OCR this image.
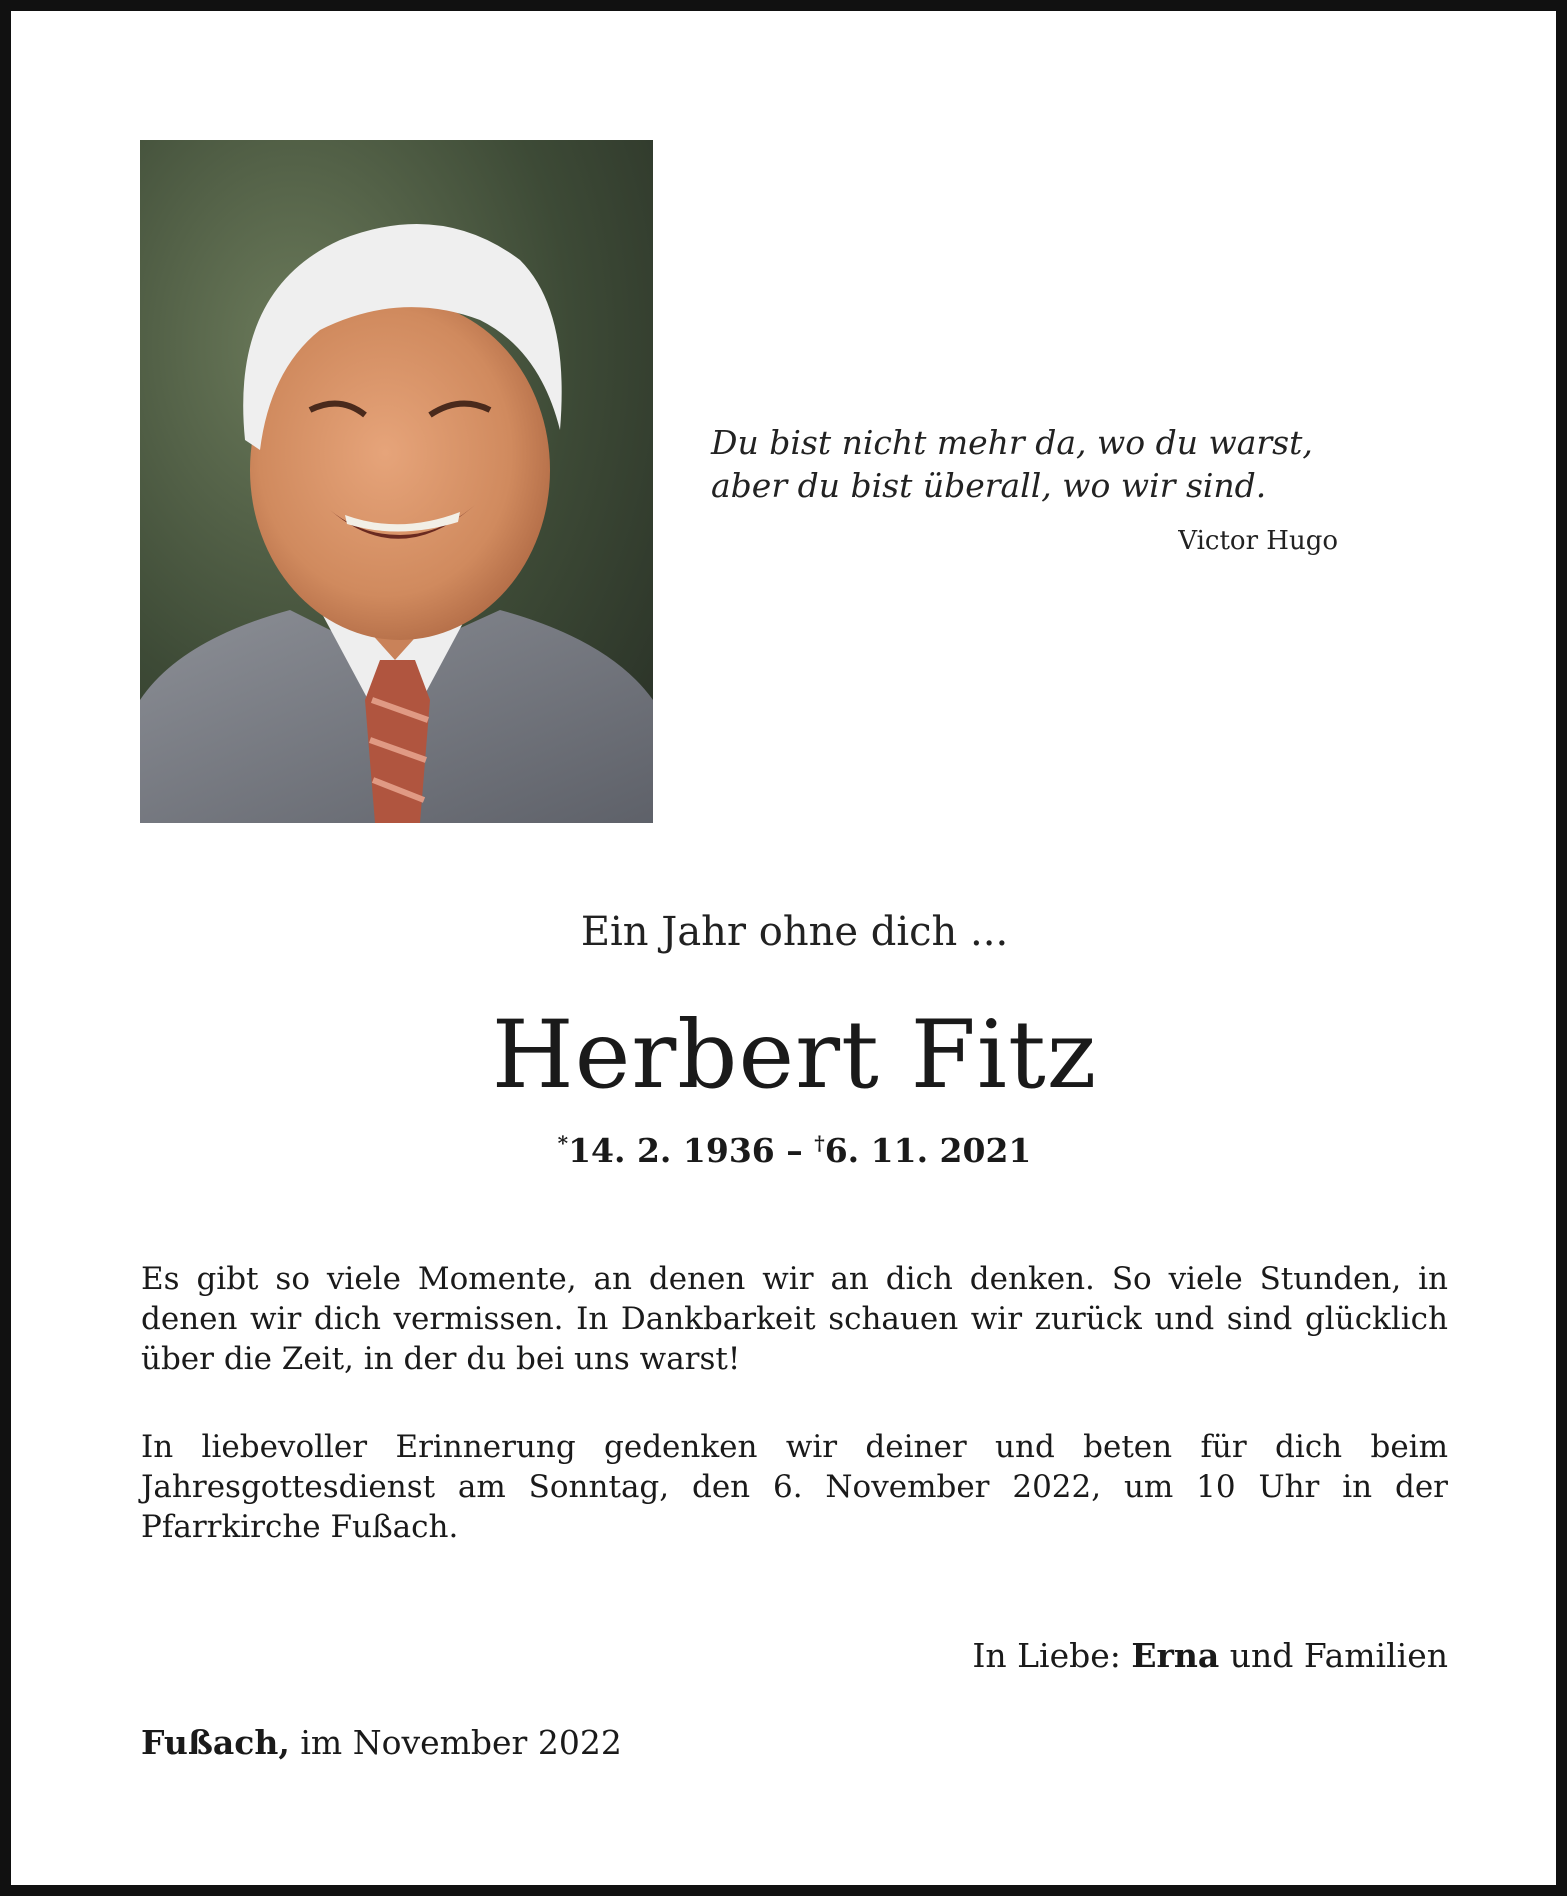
Du bist nicht mehr da, wo du warst,
aber du bist überall, wo wir sind.
Victor Hugo
Ein Jahr ohne dich ...
Herbert Fitz
*14. 2. 1936 – †6. 11. 2021
Es gibt so viele Momente, an denen wir an dich denken. So viele Stunden, in denen wir dich vermissen. In Dankbarkeit schauen wir zurück und sind glücklich über die Zeit, in der du bei uns warst!
In liebevoller Erinnerung gedenken wir deiner und beten für dich beim Jahresgottesdienst am Sonntag, den 6. November 2022, um 10 Uhr in der Pfarrkirche Fußach.
In Liebe: Erna und Familien
Fußach, im November 2022
